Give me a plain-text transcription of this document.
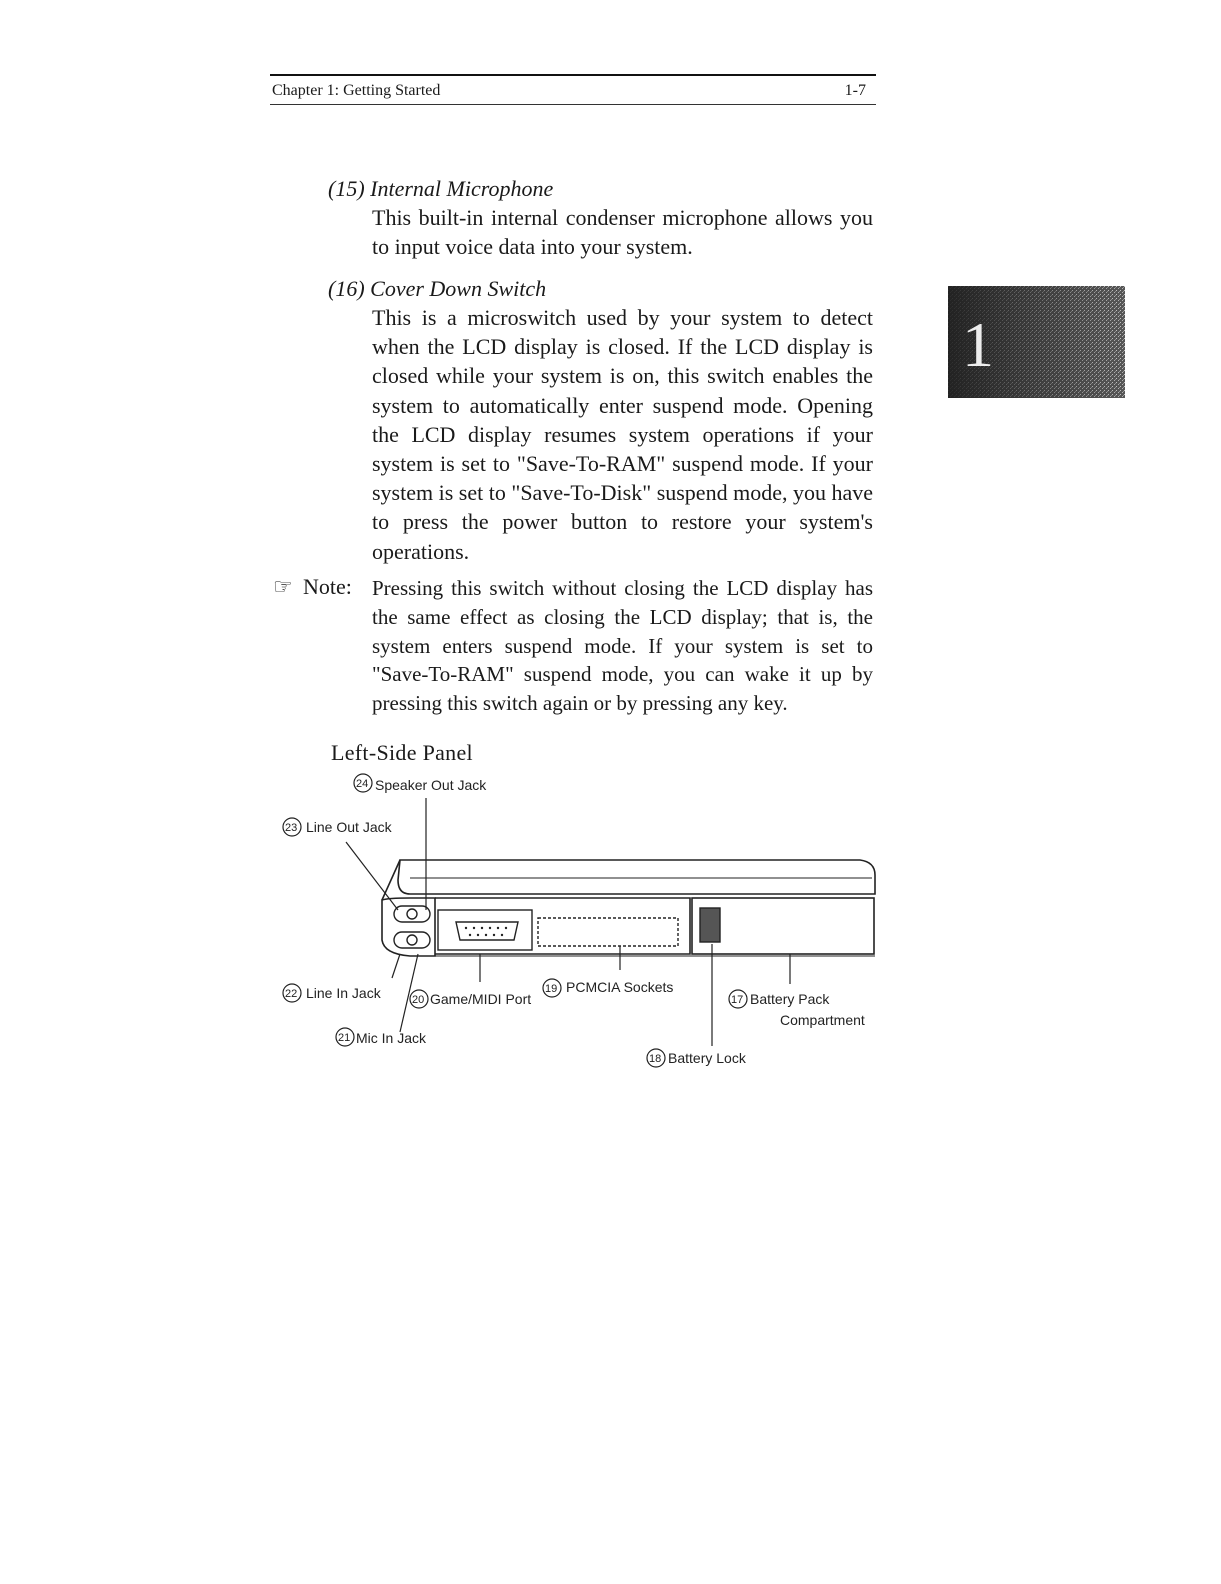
Chapter 1: Getting Started	1-7
1
(15) Internal Microphone

This built-in internal condenser microphone allows you to input voice data into your system.

(16) Cover Down Switch

This is a microswitch used by your system to detect when the LCD display is closed. If the LCD display is closed while your system is on, this switch enables the system to automatically enter suspend mode. Opening the LCD display resumes system operations if your system is set to "Save-To-RAM" suspend mode. If your system is set to "Save-To-Disk" suspend mode, you have to press the power button to restore your system's operations.

☞ Note: Pressing this switch without closing the LCD display has the same effect as closing the LCD display; that is, the system enters suspend mode. If your system is set to "Save-To-RAM" suspend mode, you can wake it up by pressing this switch again or by pressing any key.
Left-Side Panel
24
23
22	20
19
17
21
18
Speaker Out Jack
Line Out Jack
Line In Jack	Game/MIDI Port
PCMCIA Sockets
Battery Pack
Compartment
Mic In Jack
Battery Lock
